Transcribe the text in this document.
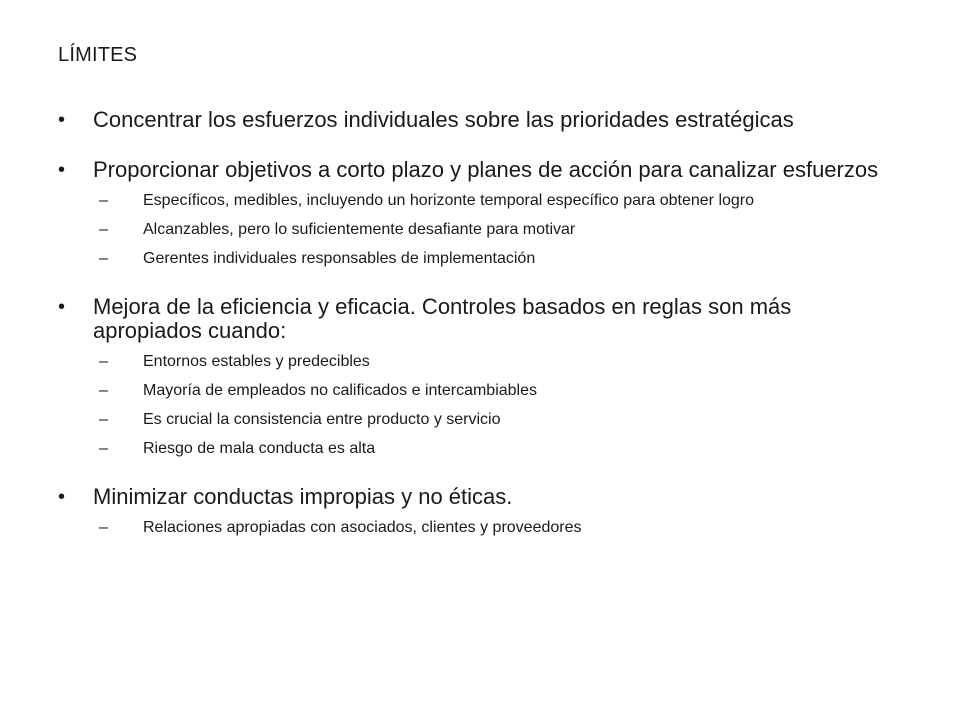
LÍMITES
• Concentrar los esfuerzos individuales sobre las prioridades estratégicas
• Proporcionar objetivos a corto plazo y planes de acción para canalizar esfuerzos
– Específicos, medibles, incluyendo un horizonte temporal específico para obtener logro
– Alcanzables, pero lo suficientemente desafiante para motivar
– Gerentes individuales responsables de implementación
• Mejora de la eficiencia y eficacia. Controles basados en reglas son más apropiados cuando:
– Entornos estables y predecibles
– Mayoría de empleados no calificados e intercambiables
– Es crucial la consistencia entre producto y servicio
– Riesgo de mala conducta es alta
• Minimizar conductas impropias y no éticas.
– Relaciones apropiadas con asociados, clientes y proveedores
